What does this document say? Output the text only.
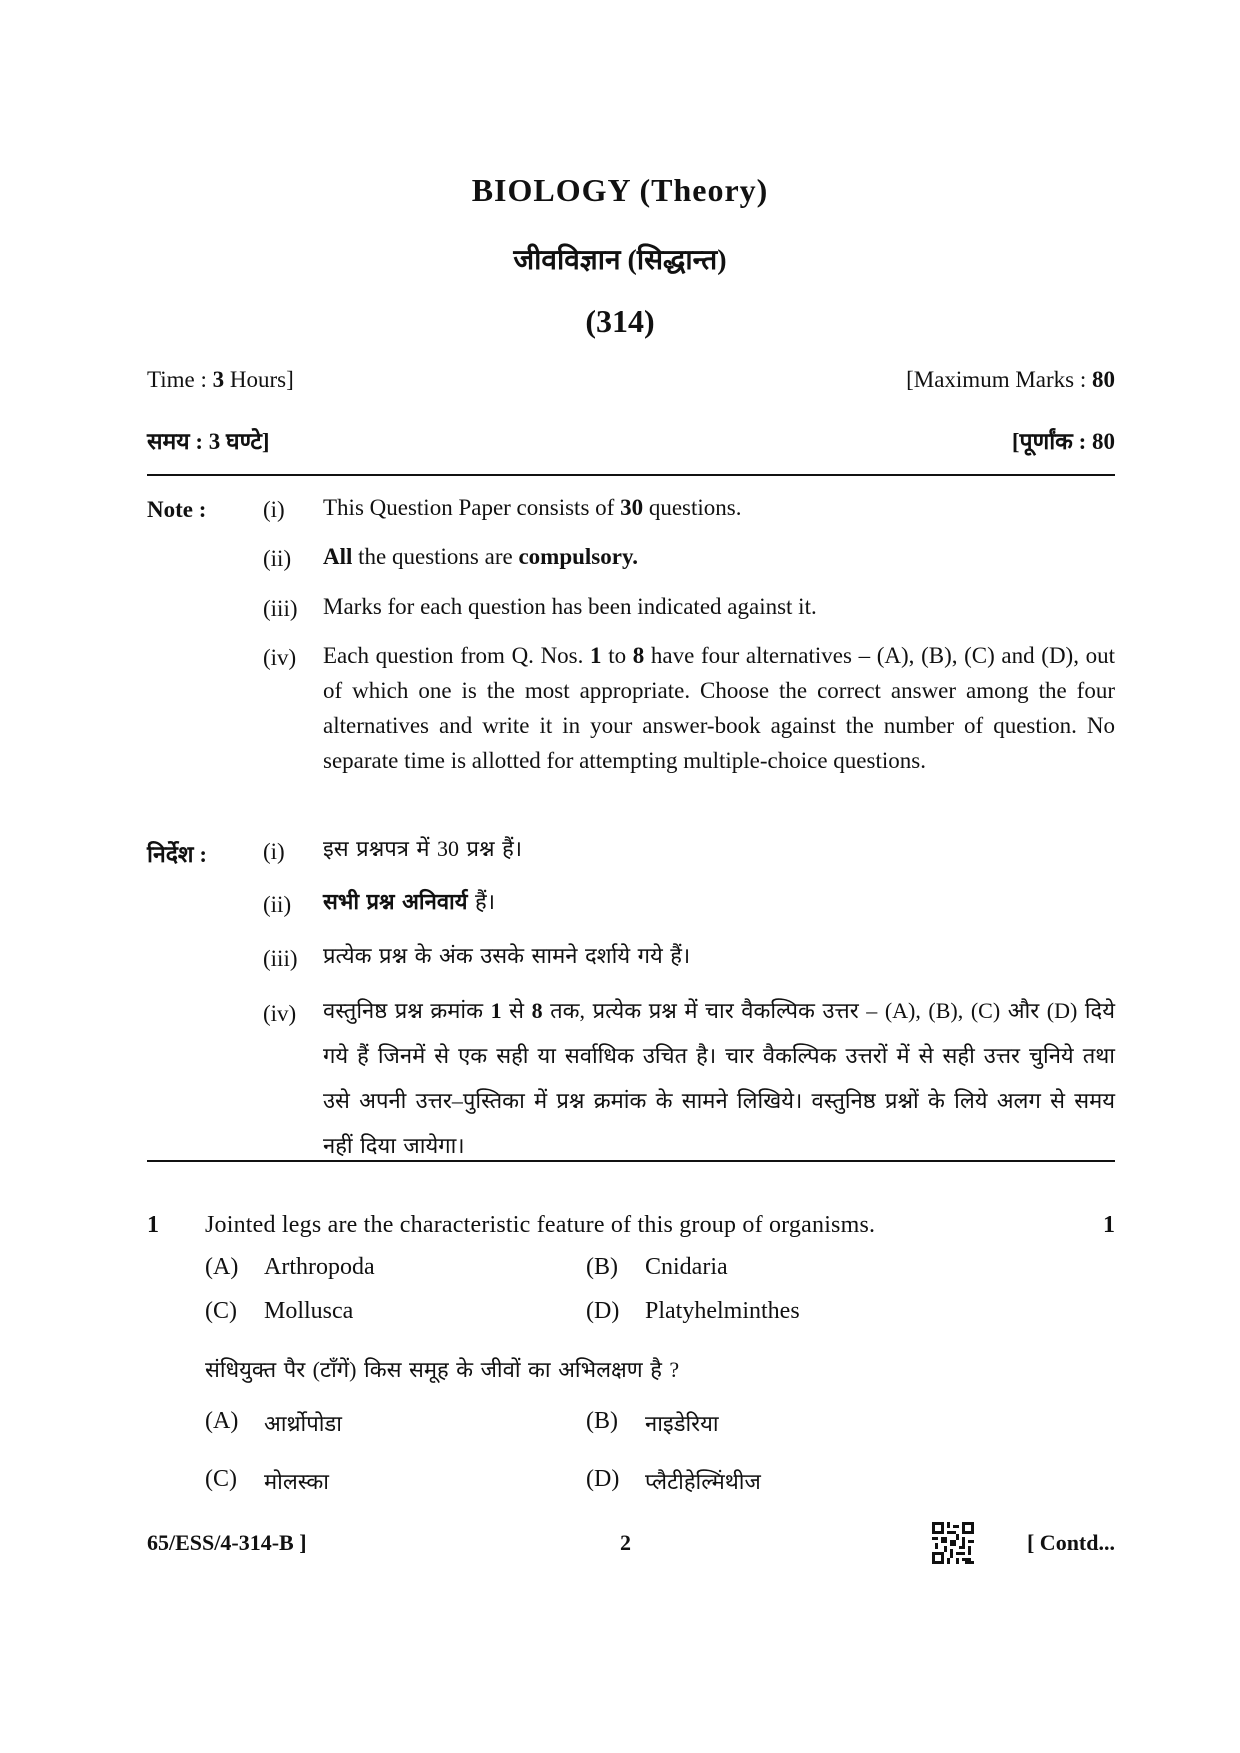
BIOLOGY (Theory)
जीवविज्ञान (सिद्धान्त)
(314)
Time : 3 Hours]	[Maximum Marks : 80
समय : 3 घण्टे]	[पूर्णांक : 80
Note : (i) This Question Paper consists of 30 questions.
(ii) All the questions are compulsory.
(iii) Marks for each question has been indicated against it.
(iv) Each question from Q. Nos. 1 to 8 have four alternatives – (A), (B), (C) and (D), out of which one is the most appropriate. Choose the correct answer among the four alternatives and write it in your answer-book against the number of question. No separate time is allotted for attempting multiple-choice questions.
निर्देश : (i) इस प्रश्नपत्र में 30 प्रश्न हैं।
(ii) सभी प्रश्न अनिवार्य हैं।
(iii) प्रत्येक प्रश्न के अंक उसके सामने दर्शाये गये हैं।
(iv) वस्तुनिष्ठ प्रश्न क्रमांक 1 से 8 तक, प्रत्येक प्रश्न में चार वैकल्पिक उत्तर – (A), (B), (C) और (D) दिये गये हैं जिनमें से एक सही या सर्वाधिक उचित है। चार वैकल्पिक उत्तरों में से सही उत्तर चुनिये तथा उसे अपनी उत्तर–पुस्तिका में प्रश्न क्रमांक के सामने लिखिये। वस्तुनिष्ठ प्रश्नों के लिये अलग से समय नहीं दिया जायेगा।
1 Jointed legs are the characteristic feature of this group of organisms.	1
(A) Arthropoda	(B) Cnidaria
(C) Mollusca	(D) Platyhelminthes
संधियुक्त पैर (टाँगें) किस समूह के जीवों का अभिलक्षण है ?
(A) आर्थ्रोपोडा	(B) नाइडेरिया
(C) मोलस्का	(D) प्लैटीहेल्मिंथीज
65/ESS/4-314-B ]	2	[ Contd...
